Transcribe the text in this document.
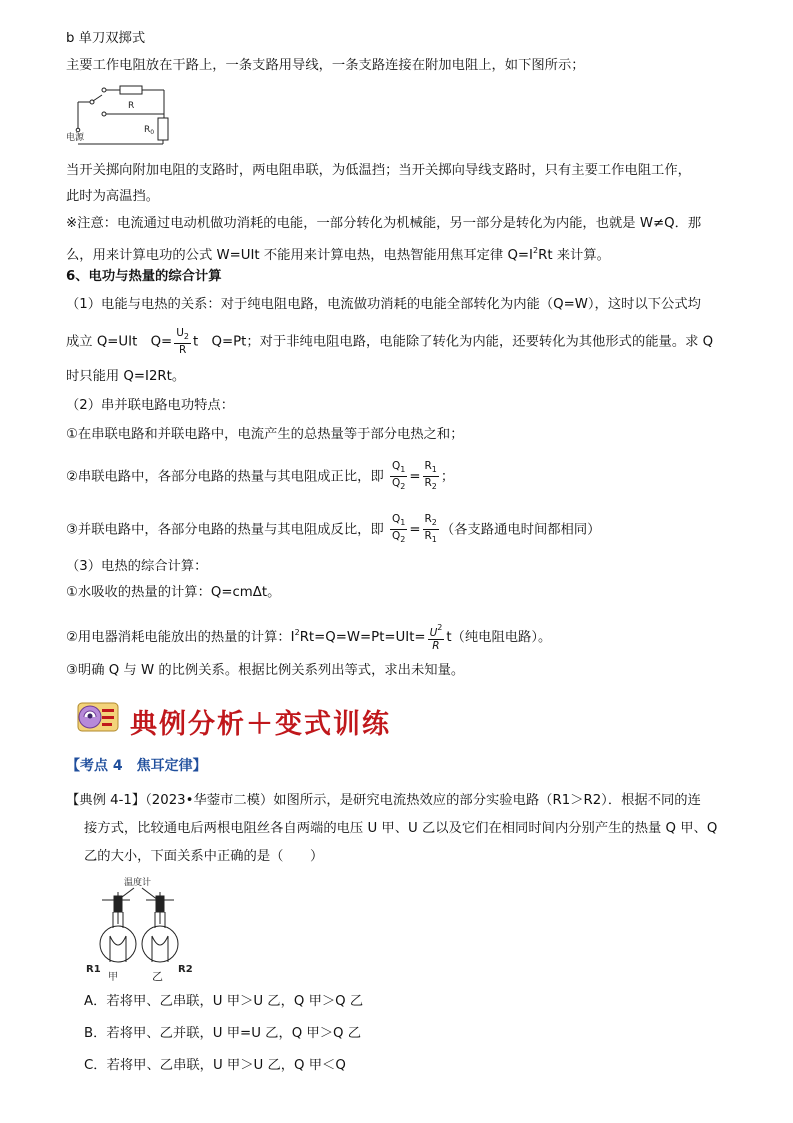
b 单刀双掷式
主要工作电阻放在干路上，一条支路用导线，一条支路连接在附加电阻上，如下图所示；
R
$R_0$
电源
当开关掷向附加电阻的支路时，两电阻串联，为低温挡；当开关掷向导线支路时，只有主要工作电阻工作，
此时为高温挡。
※注意：电流通过电动机做功消耗的电能，一部分转化为机械能，另一部分是转化为内能，也就是 W≠Q．那
么，用来计算电功的公式 W=UIt 不能用来计算电热，电热智能用焦耳定律 $Q=I^2Rt$ 来计算。
6、电功与热量的综合计算
（1）电能与电热的关系：对于纯电阻电路，电流做功消耗的电能全部转化为内能（Q=W），这时以下公式均
成立 Q=UIt　$Q= \frac{U_2}{R}$ t　Q=Pt；对于非纯电阻电路，电能除了转化为内能，还要转化为其他形式的能量。求 Q
时只能用 Q=I2Rt。
（2）串并联电路电功特点：
①在串联电路和并联电路中，电流产生的总热量等于部分电热之和；
②串联电路中，各部分电路的热量与其电阻成正比，即 $\frac{Q_1}{Q_2} = \frac{R_1}{R_2}$ ；
③并联电路中，各部分电路的热量与其电阻成反比，即 $\frac{Q_1}{Q_2} = \frac{R_2}{R_1}$ （各支路通电时间都相同）
（3）电热的综合计算：
①水吸收的热量的计算：Q=cmΔt。
②用电器消耗电能放出的热量的计算：$I^2Rt=Q=W=Pt=UIt= \frac{U^2}{R} t$（纯电阻电路）。
③明确 Q 与 W 的比例关系。根据比例关系列出等式，求出未知量。
典例分析＋变式训练
【考点 4　焦耳定律】
【典例 4-1】（2023•华蓥市二模）如图所示，是研究电流热效应的部分实验电路（R1＞R2）．根据不同的连
接方式，比较通电后两根电阻丝各自两端的电压 U 甲、U 乙以及它们在相同时间内分别产生的热量 Q 甲、Q
乙的大小，下面关系中正确的是（　　）
温度计
R1
甲	乙
R2
A．若将甲、乙串联，U 甲＞U 乙，Q 甲＞Q 乙
B．若将甲、乙并联，U 甲=U 乙，Q 甲＞Q 乙
C．若将甲、乙串联，U 甲＞U 乙，Q 甲＜Q
